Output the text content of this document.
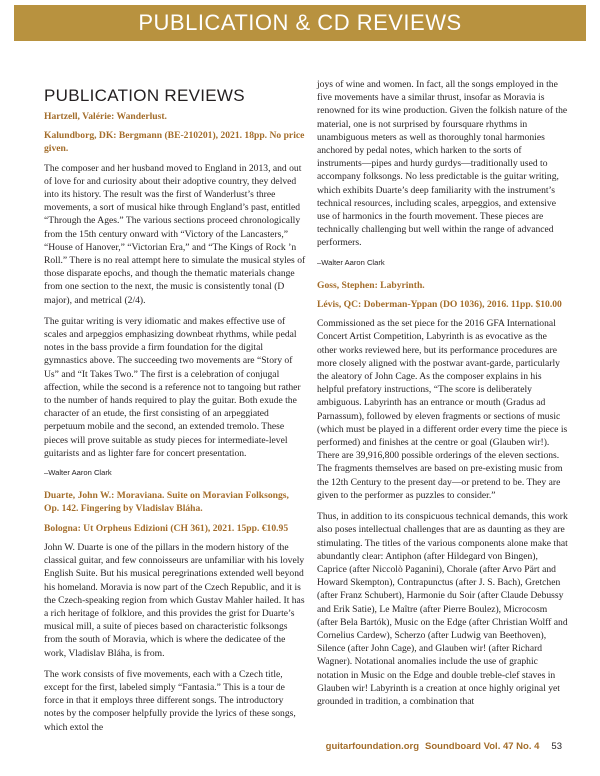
PUBLICATION & CD REVIEWS
PUBLICATION REVIEWS

Hartzell, Valérie: Wanderlust.

Kalundborg, DK: Bergmann (BE-210201), 2021. 18pp. No price given.

The composer and her husband moved to England in 2013, and out of love for and curiosity about their adoptive country, they delved into its history. The result was the first of Wanderlust’s three movements, a sort of musical hike through England’s past, entitled “Through the Ages.” The various sections proceed chronologically from the 15th century onward with “Victory of the Lancasters,” “House of Hanover,” “Victorian Era,” and “The Kings of Rock ’n Roll.” There is no real attempt here to simulate the musical styles of those disparate epochs, and though the thematic materials change from one section to the next, the music is consistently tonal (D major), and metrical (2/4).

The guitar writing is very idiomatic and makes effective use of scales and arpeggios emphasizing downbeat rhythms, while pedal notes in the bass provide a firm foundation for the digital gymnastics above. The succeeding two movements are “Story of Us” and “It Takes Two.” The first is a celebration of conjugal affection, while the second is a reference not to tangoing but rather to the number of hands required to play the guitar. Both exude the character of an etude, the first consisting of an arpeggiated perpetuum mobile and the second, an extended tremolo. These pieces will prove suitable as study pieces for intermediate-level guitarists and as lighter fare for concert presentation.

–Walter Aaron Clark

Duarte, John W.: Moraviana. Suite on Moravian Folksongs, Op. 142. Fingering by Vladislav Bláha.

Bologna: Ut Orpheus Edizioni (CH 361), 2021. 15pp. €10.95

John W. Duarte is one of the pillars in the modern history of the classical guitar, and few connoisseurs are unfamiliar with his lovely English Suite. But his musical peregrinations extended well beyond his homeland. Moravia is now part of the Czech Republic, and it is the Czech-speaking region from which Gustav Mahler hailed. It has a rich heritage of folklore, and this provides the grist for Duarte’s musical mill, a suite of pieces based on characteristic folksongs from the south of Moravia, which is where the dedicatee of the work, Vladislav Bláha, is from.

The work consists of five movements, each with a Czech title, except for the first, labeled simply “Fantasia.” This is a tour de force in that it employs three different songs. The introductory notes by the composer helpfully provide the lyrics of these songs, which extol the

joys of wine and women. In fact, all the songs employed in the five movements have a similar thrust, insofar as Moravia is renowned for its wine production. Given the folkish nature of the material, one is not surprised by foursquare rhythms in unambiguous meters as well as thoroughly tonal harmonies anchored by pedal notes, which harken to the sorts of instruments—pipes and hurdy gurdys—traditionally used to accompany folksongs. No less predictable is the guitar writing, which exhibits Duarte’s deep familiarity with the instrument’s technical resources, including scales, arpeggios, and extensive use of harmonics in the fourth movement. These pieces are technically challenging but well within the range of advanced performers.

–Walter Aaron Clark

Goss, Stephen: Labyrinth.

Lévis, QC: Doberman-Yppan (DO 1036), 2016. 11pp. $10.00

Commissioned as the set piece for the 2016 GFA International Concert Artist Competition, Labyrinth is as evocative as the other works reviewed here, but its performance procedures are more closely aligned with the postwar avant-garde, particularly the aleatory of John Cage. As the composer explains in his helpful prefatory instructions, “The score is deliberately ambiguous. Labyrinth has an entrance or mouth (Gradus ad Parnassum), followed by eleven fragments or sections of music (which must be played in a different order every time the piece is performed) and finishes at the centre or goal (Glauben wir!). There are 39,916,800 possible orderings of the eleven sections. The fragments themselves are based on pre-existing music from the 12th Century to the present day—or pretend to be. They are given to the performer as puzzles to consider.”

Thus, in addition to its conspicuous technical demands, this work also poses intellectual challenges that are as daunting as they are stimulating. The titles of the various components alone make that abundantly clear: Antiphon (after Hildegard von Bingen), Caprice (after Niccolò Paganini), Chorale (after Arvo Pärt and Howard Skempton), Contrapunctus (after J. S. Bach), Gretchen (after Franz Schubert), Harmonie du Soir (after Claude Debussy and Erik Satie), Le Maître (after Pierre Boulez), Microcosm (after Bela Bartók), Music on the Edge (after Christian Wolff and Cornelius Cardew), Scherzo (after Ludwig van Beethoven), Silence (after John Cage), and Glauben wir! (after Richard Wagner). Notational anomalies include the use of graphic notation in Music on the Edge and double treble-clef staves in Glauben wir! Labyrinth is a creation at once highly original yet grounded in tradition, a combination that

guitarfoundation.org Soundboard Vol. 47 No. 4 53
